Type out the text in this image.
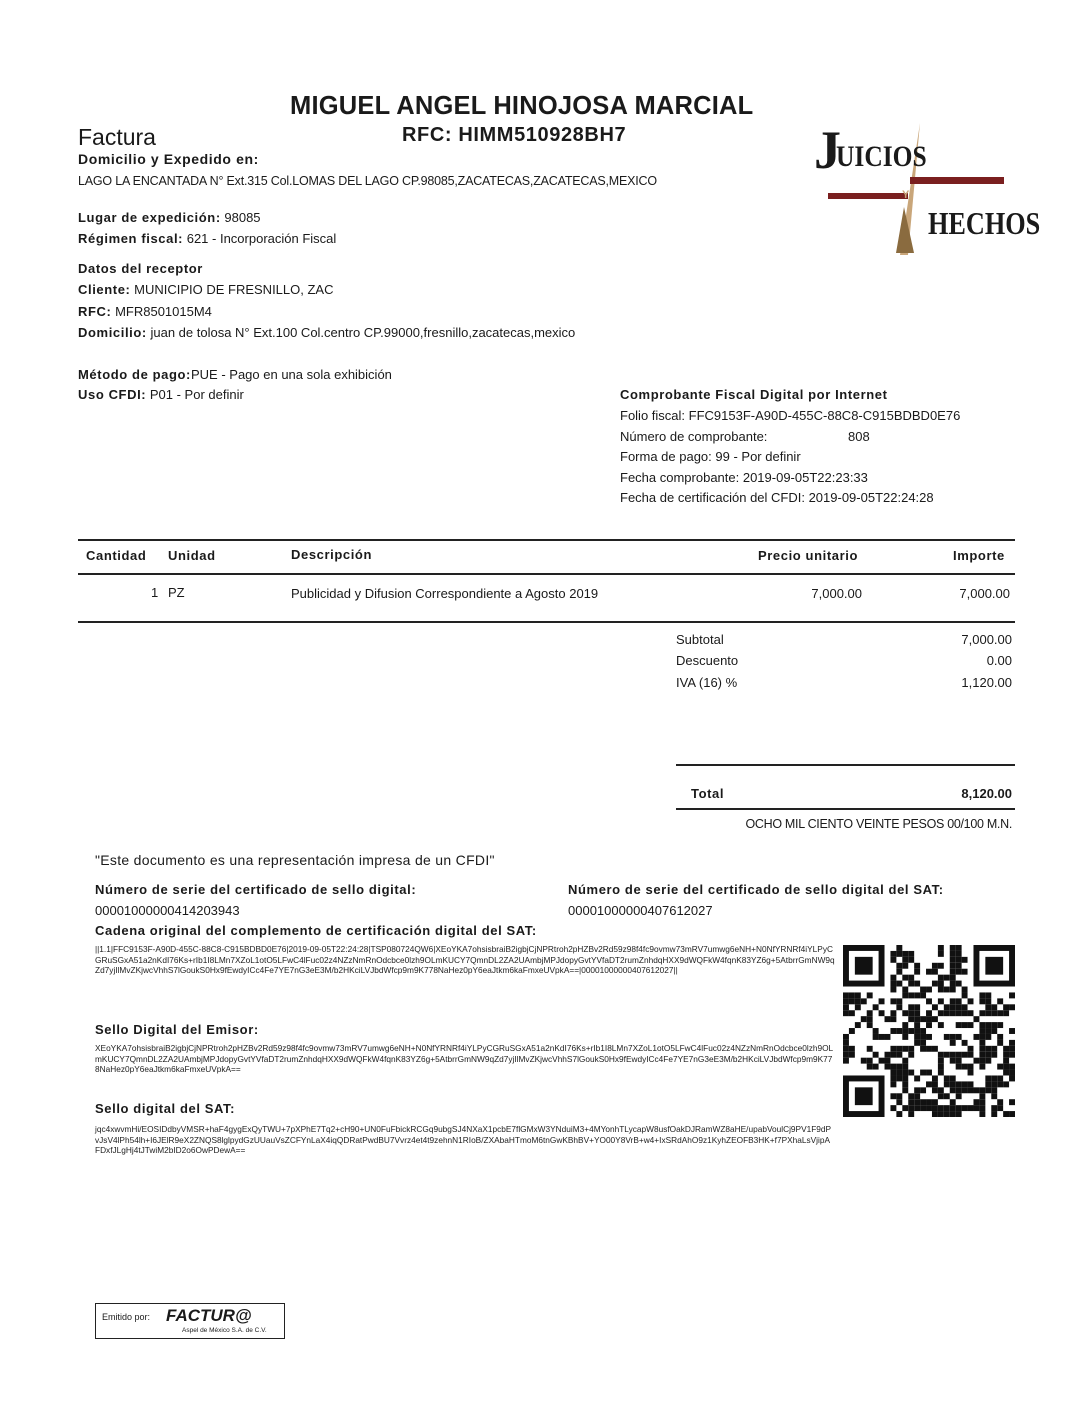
MIGUEL ANGEL HINOJOSA MARCIAL
Factura	RFC: HIMM510928BH7
Domicilio y Expedido en:
LAGO LA ENCANTADA N° Ext.315 Col.LOMAS DEL LAGO CP.98085,ZACATECAS,ZACATECAS,MEXICO
Lugar de expedición: 98085
Régimen fiscal: 621 - Incorporación Fiscal
J
UICIOS
Y
HECHOS
Datos del receptor
Cliente: MUNICIPIO DE FRESNILLO, ZAC
RFC: MFR8501015M4
Domicilio: juan de tolosa N° Ext.100 Col.centro CP.99000,fresnillo,zacatecas,mexico
Método de pago:PUE - Pago en una sola exhibición
Uso CFDI: P01 - Por definir	Comprobante Fiscal Digital por Internet
Folio fiscal: FFC9153F-A90D-455C-88C8-C915BDBD0E76
Número de comprobante:	808
Forma de pago: 99 - Por definir
Fecha comprobante: 2019-09-05T22:23:33
Fecha de certificación del CFDI: 2019-09-05T22:24:28
Cantidad Unidad	Descripción	Precio unitario	Importe
1 PZ	Publicidad y Difusion Correspondiente a Agosto 2019	7,000.00	7,000.00
Subtotal	7,000.00
Descuento	0.00
IVA (16) %	1,120.00
Total	8,120.00
OCHO MIL CIENTO VEINTE PESOS 00/100 M.N.
"Este documento es una representación impresa de un CFDI"
Número de serie del certificado de sello digital:
00001000000414203943
Número de serie del certificado de sello digital del SAT:
00001000000407612027
Cadena original del complemento de certificación digital del SAT:
||1.1|FFC9153F-A90D-455C-88C8-C915BDBD0E76|2019-09-05T22:24:28|TSP080724QW6|XEoYKA7ohsisbraiB2igbjCjNPRtroh2pHZBv2Rd59z98f4fc9ovmw73mRV7umwg6eNH+N0NfYRNRf4iYLPyCGRuSGxA51a2nKdI76Ks+rIb1I8LMn7XZoL1otO5LFwC4lFuc02z4NZzNmRnOdcbce0lzh9OLmKUCY7QmnDL2ZA2UAmbjMPJdopyGvtYVfaDT2rumZnhdqHXX9dWQFkW4fqnK83YZ6g+5AtbrrGmNW9qZd7yjIlMvZKjwcVhhS7lGoukS0Hx9fEwdyICc4Fe7YE7nG3eE3M/b2HKciLVJbdWfcp9m9K778NaHez0pY6eaJtkm6kaFmxeUVpkA==|00001000000407612027||
Sello Digital del Emisor:
XEoYKA7ohsisbraiB2igbjCjNPRtroh2pHZBv2Rd59z98f4fc9ovmw73mRV7umwg6eNH+N0NfYRNRf4iYLPyCGRuSGxA51a2nKdI76Ks+rIb1I8LMn7XZoL1otO5LFwC4lFuc02z4NZzNmRnOdcbce0lzh9OLmKUCY7QmnDL2ZA2UAmbjMPJdopyGvtYVfaDT2rumZnhdqHXX9dWQFkW4fqnK83YZ6g+5AtbrrGmNW9qZd7yjIlMvZKjwcVhhS7lGoukS0Hx9fEwdyICc4Fe7YE7nG3eE3M/b2HKciLVJbdWfcp9m9K778NaHez0pY6eaJtkm6kaFmxeUVpkA==
Sello digital del SAT:
jqc4xwvmHi/EOSIDdbyVMSR+haF4gygExQyTWU+7pXPhE7Tq2+cH90+UN0FuFbickRCGq9ubgSJ4NXaX1pcbE7flGMxW3YNduiM3+4MYonhTLycapW8usfOakDJRamWZ8aHE/upabVoulCj9PV1F9dPvJsV4lPh54lh+I6JElR9eX2ZNQS8lglpydGzUUauVsZCFYnLaX4iqQDRatPwdBU7Vvrz4et4t9zehnN1RIoB/ZXAbaHTmoM6tnGwKBhBV+YO00Y8VrB+w4+IxSRdAhO9z1KyhZEOFB3HK+f7PXhaLsVjipAFDxfJLgHj4tJTwiM2bID2o6OwPDewA==
Emitido por: FACTUR@
Aspel de México S.A. de C.V.
